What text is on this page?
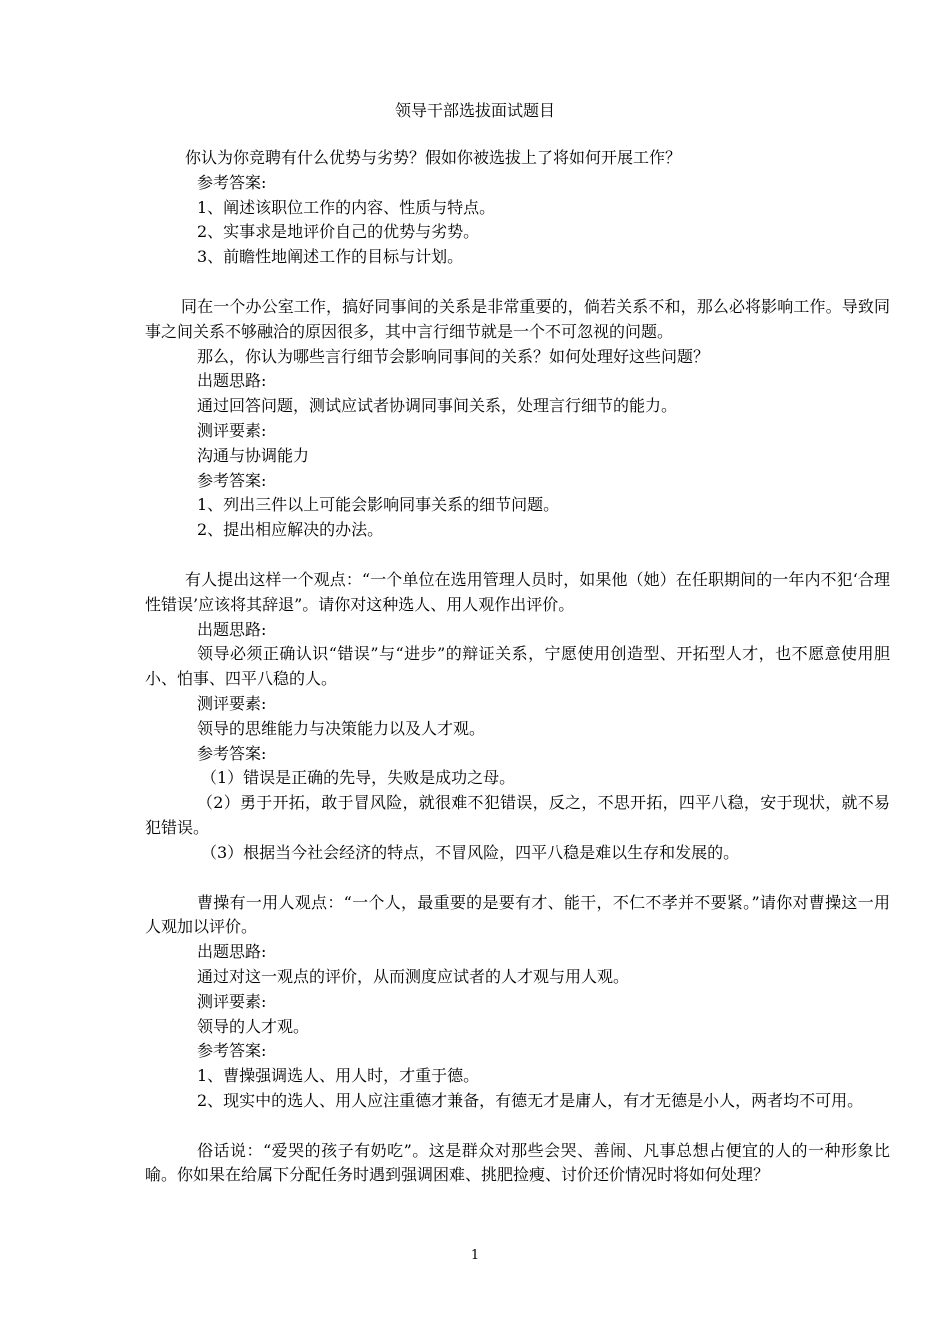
领导干部选拔面试题目

你认为你竞聘有什么优势与劣势？假如你被选拔上了将如何开展工作？

参考答案:

1、阐述该职位工作的内容、性质与特点。

2、实事求是地评价自己的优势与劣势。

3、前瞻性地阐述工作的目标与计划。

同在一个办公室工作，搞好同事间的关系是非常重要的，倘若关系不和，那么必将影响工作。导致同事之间关系不够融洽的原因很多，其中言行细节就是一个不可忽视的问题。

那么，你认为哪些言行细节会影响同事间的关系？如何处理好这些问题？

出题思路:

通过回答问题，测试应试者协调同事间关系，处理言行细节的能力。

测评要素:

沟通与协调能力

参考答案:

1、列出三件以上可能会影响同事关系的细节问题。

2、提出相应解决的办法。

有人提出这样一个观点：“一个单位在选用管理人员时，如果他（她）在任职期间的一年内不犯‘合理性错误’应该将其辞退”。请你对这种选人、用人观作出评价。

出题思路:

领导必须正确认识“错误”与“进步”的辩证关系，宁愿使用创造型、开拓型人才，也不愿意使用胆小、怕事、四平八稳的人。

测评要素:

领导的思维能力与决策能力以及人才观。

参考答案:

（1）错误是正确的先导，失败是成功之母。

（2）勇于开拓，敢于冒风险，就很难不犯错误，反之，不思开拓，四平八稳，安于现状，就不易犯错误。

（3）根据当今社会经济的特点，不冒风险，四平八稳是难以生存和发展的。

曹操有一用人观点：“一个人，最重要的是要有才、能干，不仁不孝并不要紧。”请你对曹操这一用人观加以评价。

出题思路:

通过对这一观点的评价，从而测度应试者的人才观与用人观。

测评要素:

领导的人才观。

参考答案:

1、曹操强调选人、用人时，才重于德。

2、现实中的选人、用人应注重德才兼备，有德无才是庸人，有才无德是小人，两者均不可用。

俗话说：“爱哭的孩子有奶吃”。这是群众对那些会哭、善闹、凡事总想占便宜的人的一种形象比喻。你如果在给属下分配任务时遇到强调困难、挑肥捡瘦、讨价还价情况时将如何处理？

1
